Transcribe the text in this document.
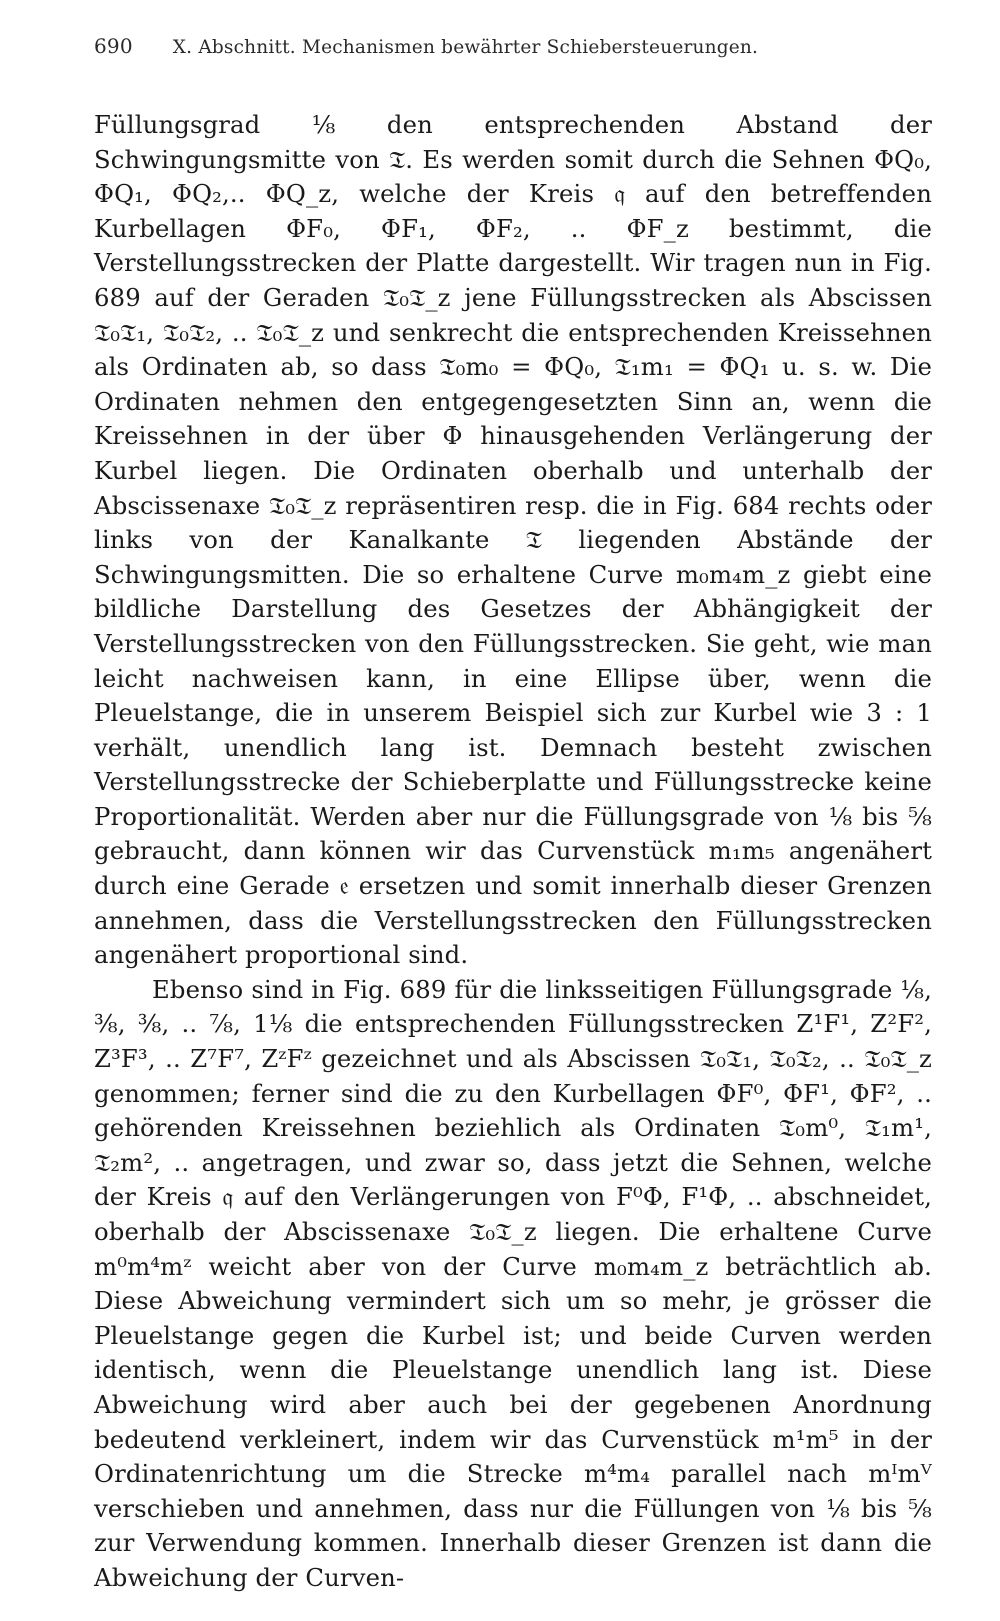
690 X. Abschnitt. Mechanismen bewährter Schiebersteuerungen.

Füllungsgrad ⅛ den entsprechenden Abstand der Schwingungsmitte von 𝔗. Es werden somit durch die Sehnen ΦQ₀, ΦQ₁, ΦQ₂,.. ΦQ_z, welche der Kreis 𝔮 auf den betreffenden Kurbellagen ΦF₀, ΦF₁, ΦF₂, .. ΦF_z bestimmt, die Verstellungsstrecken der Platte dargestellt. Wir tragen nun in Fig. 689 auf der Geraden 𝔗₀𝔗_z jene Füllungsstrecken als Abscissen 𝔗₀𝔗₁, 𝔗₀𝔗₂, .. 𝔗₀𝔗_z und senkrecht die entsprechenden Kreissehnen als Ordinaten ab, so dass 𝔗₀m₀ = ΦQ₀, 𝔗₁m₁ = ΦQ₁ u. s. w. Die Ordinaten nehmen den entgegengesetzten Sinn an, wenn die Kreissehnen in der über Φ hinausgehenden Verlängerung der Kurbel liegen. Die Ordinaten oberhalb und unterhalb der Abscissenaxe 𝔗₀𝔗_z repräsentiren resp. die in Fig. 684 rechts oder links von der Kanalkante 𝔗 liegenden Abstände der Schwingungsmitten. Die so erhaltene Curve m₀m₄m_z giebt eine bildliche Darstellung des Gesetzes der Abhängigkeit der Verstellungsstrecken von den Füllungsstrecken. Sie geht, wie man leicht nachweisen kann, in eine Ellipse über, wenn die Pleuelstange, die in unserem Beispiel sich zur Kurbel wie 3 : 1 verhält, unendlich lang ist. Demnach besteht zwischen Verstellungsstrecke der Schieberplatte und Füllungsstrecke keine Proportionalität. Werden aber nur die Füllungsgrade von ⅛ bis ⅝ gebraucht, dann können wir das Curvenstück m₁m₅ angenähert durch eine Gerade 𝔢 ersetzen und somit innerhalb dieser Grenzen annehmen, dass die Verstellungsstrecken den Füllungsstrecken angenähert proportional sind.

Ebenso sind in Fig. 689 für die linksseitigen Füllungsgrade ⅛, ⅜, ⅜, .. ⅞, 1⅛ die entsprechenden Füllungsstrecken Z¹F¹, Z²F², Z³F³, .. Z⁷F⁷, ZᶻFᶻ gezeichnet und als Abscissen 𝔗₀𝔗₁, 𝔗₀𝔗₂, .. 𝔗₀𝔗_z genommen; ferner sind die zu den Kurbellagen ΦF⁰, ΦF¹, ΦF², .. gehörenden Kreissehnen beziehlich als Ordinaten 𝔗₀m⁰, 𝔗₁m¹, 𝔗₂m², .. angetragen, und zwar so, dass jetzt die Sehnen, welche der Kreis 𝔮 auf den Verlängerungen von F⁰Φ, F¹Φ, .. abschneidet, oberhalb der Abscissenaxe 𝔗₀𝔗_z liegen. Die erhaltene Curve m⁰m⁴mᶻ weicht aber von der Curve m₀m₄m_z beträchtlich ab. Diese Abweichung vermindert sich um so mehr, je grösser die Pleuelstange gegen die Kurbel ist; und beide Curven werden identisch, wenn die Pleuelstange unendlich lang ist. Diese Abweichung wird aber auch bei der gegebenen Anordnung bedeutend verkleinert, indem wir das Curvenstück m¹m⁵ in der Ordinatenrichtung um die Strecke m⁴m₄ parallel nach mᴵmⱽ verschieben und annehmen, dass nur die Füllungen von ⅛ bis ⅝ zur Verwendung kommen. Innerhalb dieser Grenzen ist dann die Abweichung der Curven-
